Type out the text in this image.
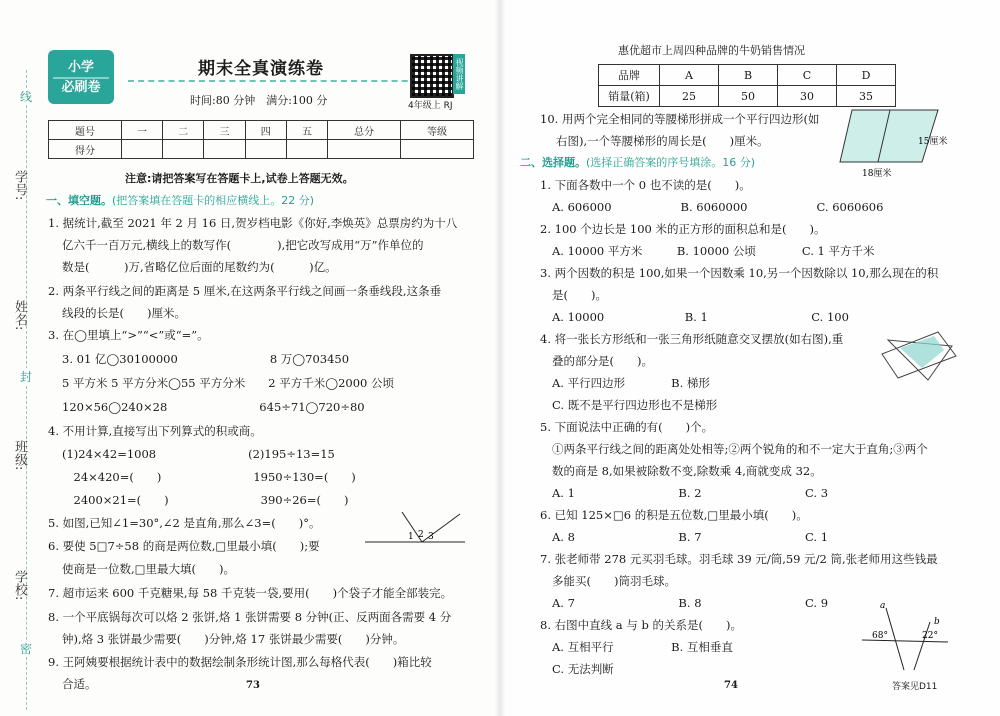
线
学号:
姓名:
封
班级:
学校:
密
小学
必刷卷
期末全真演练卷
时间:80 分钟　满分:100 分
视频讲解
4年级上 RJ
题号	一	二	三	四	五	总分	等级
得分							
注意:请把答案写在答题卡上,试卷上答题无效。
一、填空题。(把答案填在答题卡的相应横线上。22 分)
1. 据统计,截至 2021 年 2 月 16 日,贺岁档电影《你好,李焕英》总票房约为十八
亿六千一百万元,横线上的数写作(　　　　),把它改写成用“万”作单位的
数是(　　　)万,省略亿位后面的尾数约为(　　　)亿。
2. 两条平行线之间的距离是 5 厘米,在这两条平行线之间画一条垂线段,这条垂
线段的长是(　　)厘米。
3. 在◯里填上“>”“<”或“=”。
3. 01 亿◯30100000　　　　　　　　8 万◯703450
5 平方米 5 平方分米◯55 平方分米　　2 平方千米◯2000 公顷
120×56◯240×28　　　　　　　　645÷71◯720÷80
4. 不用计算,直接写出下列算式的积或商。
(1)24×42=1008　　　　　　　　(2)195÷13=15
　24×420=(　　)　　　　　　　　1950÷130=(　　)
　2400×21=(　　)　　　　　　　　390÷26=(　　)
5. 如图,已知∠1=30°,∠2 是直角,那么∠3=(　　)°。
6. 要使 5□7÷58 的商是两位数,□里最小填(　　);要
使商是一位数,□里最大填(　　)。
7. 超市运来 600 千克糖果,每 58 千克装一袋,要用(　　)个袋子才能全部装完。
8. 一个平底锅每次可以烙 2 张饼,烙 1 张饼需要 8 分钟(正、反两面各需要 4 分
钟),烙 3 张饼最少需要(　　)分钟,烙 17 张饼最少需要(　　)分钟。
9. 王阿姨要根据统计表中的数据绘制条形统计图,那么每格代表(　　)箱比较
合适。
1 2 3
73
惠优超市上周四种品牌的牛奶销售情况
品牌	A	B	C	D
销量(箱)	25	50	30	35
10. 用两个完全相同的等腰梯形拼成一个平行四边形(如
右图),一个等腰梯形的周长是(　　)厘米。	15厘米
18厘米
二、选择题。(选择正确答案的序号填涂。16 分)
1. 下面各数中一个 0 也不读的是(　　)。
A. 606000　　　　　　B. 6060000　　　　　　C. 6060606
2. 100 个边长是 100 米的正方形的面积总和是(　　)。
A. 10000 平方米　　　B. 10000 公顷　　　　C. 1 平方千米
3. 两个因数的积是 100,如果一个因数乘 10,另一个因数除以 10,那么现在的积
是(　　)。
A. 10000　　　　　　　B. 1　　　　　　　　　C. 100
4. 将一张长方形纸和一张三角形纸随意交叉摆放(如右图),重
叠的部分是(　　)。
A. 平行四边形　　　　B. 梯形
C. 既不是平行四边形也不是梯形
5. 下面说法中正确的有(　　)个。
①两条平行线之间的距离处处相等;②两个锐角的和不一定大于直角;③两个
数的商是 8,如果被除数不变,除数乘 4,商就变成 32。
A. 1　　　　　　　　　B. 2　　　　　　　　　C. 3
6. 已知 125×□6 的积是五位数,□里最小填(　　)。
A. 8　　　　　　　　　B. 7　　　　　　　　　C. 1
7. 张老师带 278 元买羽毛球。羽毛球 39 元/筒,59 元/2 筒,张老师用这些钱最
多能买(　　)筒羽毛球。
A. 7　　　　　　　　　B. 8　　　　　　　　　C. 9
8. 右图中直线 a 与 b 的关系是(　　)。
A. 互相平行　　　　　B. 互相垂直
C. 无法判断
a
b
68°	22°
74	答案见D11
